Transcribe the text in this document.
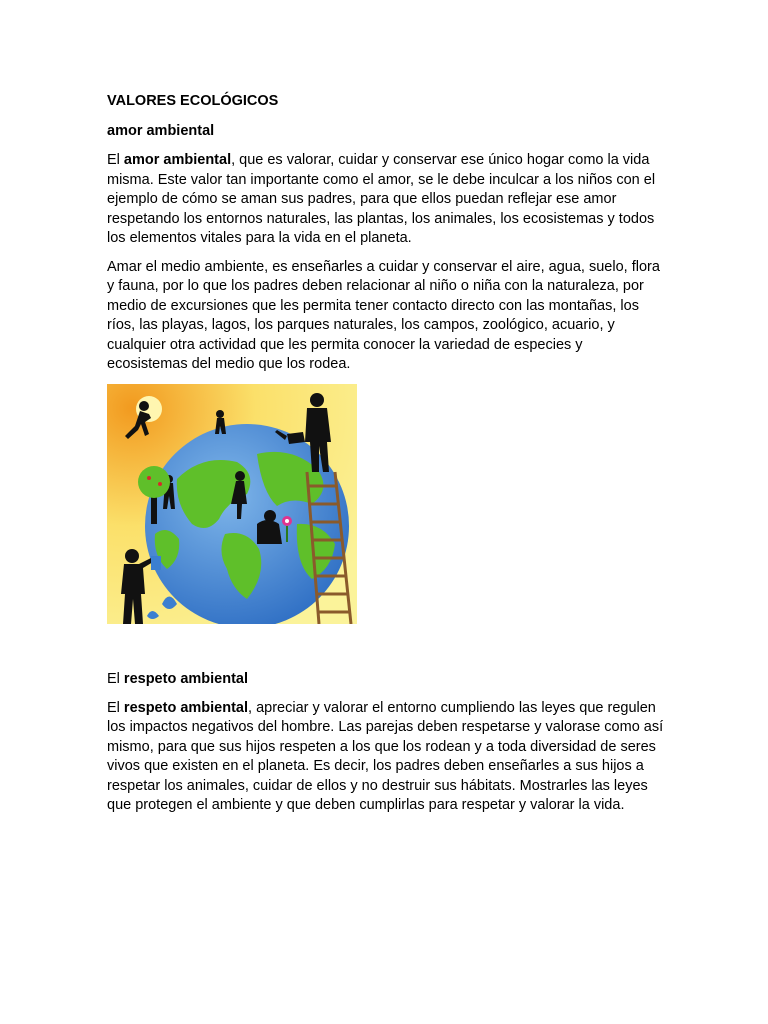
VALORES ECOLÓGICOS
amor ambiental

El amor ambiental, que es valorar, cuidar y conservar ese único hogar como la vida misma. Este valor tan importante como el amor, se le debe inculcar a los niños con el ejemplo de cómo se aman sus padres, para que ellos puedan reflejar ese amor respetando los entornos naturales, las plantas, los animales, los ecosistemas y todos los elementos vitales para la vida en el planeta.

Amar el medio ambiente, es enseñarles a cuidar y conservar el aire, agua, suelo, flora y fauna, por lo que los padres deben relacionar al niño o niña con la naturaleza, por medio de excursiones que les permita tener contacto directo con las montañas, los ríos, las playas, lagos, los parques naturales, los campos, zoológico, acuario, y cualquier otra actividad que les permita conocer la variedad de especies y ecosistemas del medio que los rodea.

El respeto ambiental

El respeto ambiental, apreciar y valorar el entorno cumpliendo las leyes que regulen los impactos negativos del hombre. Las parejas deben respetarse y valorase como así mismo, para que sus hijos respeten a los que los rodean y a toda diversidad de seres vivos que existen en el planeta. Es decir, los padres deben enseñarles a sus hijos a respetar los animales, cuidar de ellos y no destruir sus hábitats. Mostrarles las leyes que protegen el ambiente y que deben cumplirlas para respetar y valorar la vida.
